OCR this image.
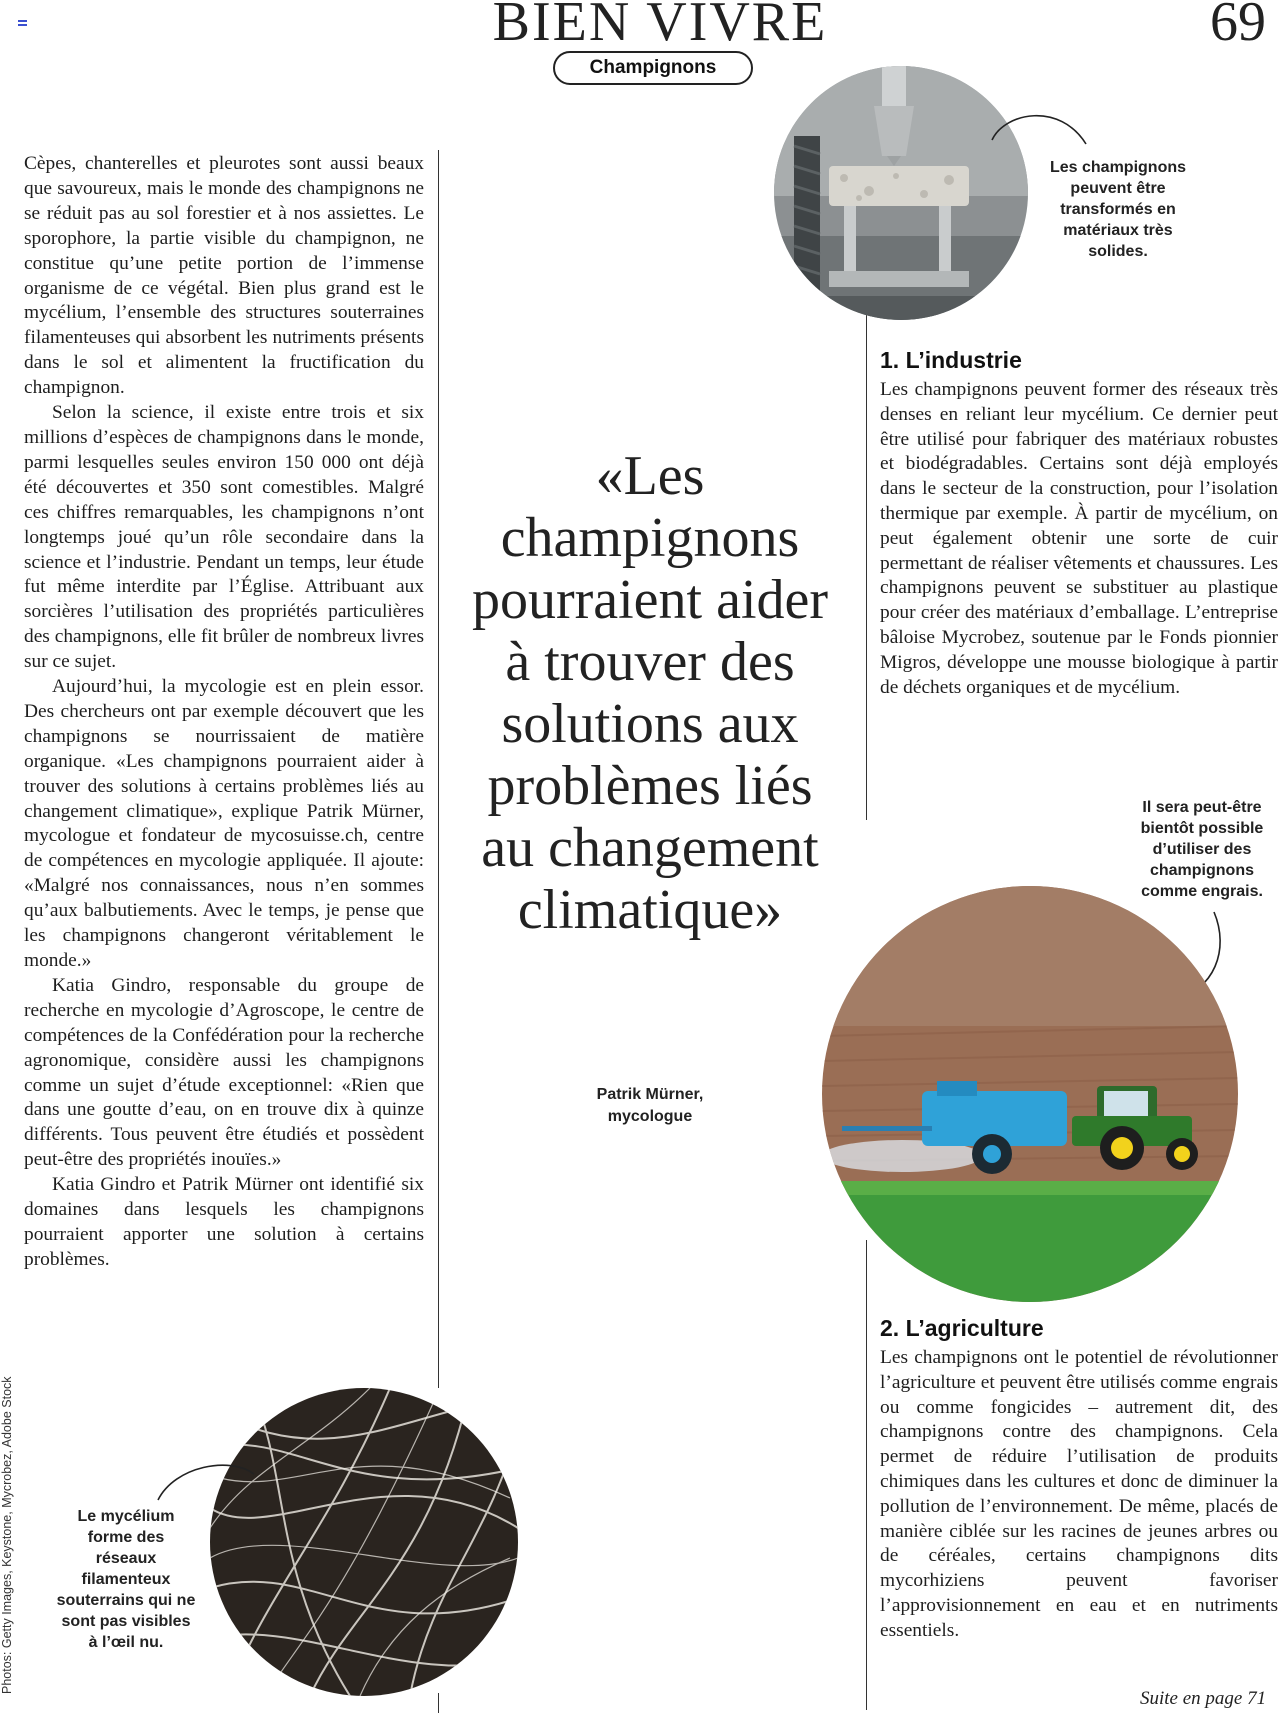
BIEN VIVRE	69
Champignons

Cèpes, chanterelles et pleurotes sont aussi beaux que savoureux, mais le monde des champignons ne se réduit pas au sol forestier et à nos assiettes. Le sporophore, la partie visible du champignon, ne constitue qu’une petite portion de l’immense organisme de ce végétal. Bien plus grand est le mycélium, l’ensemble des structures souterraines filamenteuses qui absorbent les nutriments présents dans le sol et alimentent la fructification du champignon.

Selon la science, il existe entre trois et six millions d’espèces de champignons dans le monde, parmi lesquelles seules environ 150 000 ont déjà été découvertes et 350 sont comestibles. Malgré ces chiffres remarquables, les champignons n’ont longtemps joué qu’un rôle secondaire dans la science et l’industrie. Pendant un temps, leur étude fut même interdite par l’Église. Attribuant aux sorcières l’utilisation des propriétés particulières des champignons, elle fit brûler de nombreux livres sur ce sujet.

Aujourd’hui, la mycologie est en plein essor. Des chercheurs ont par exemple découvert que les champignons se nourrissaient de matière organique. «Les champignons pourraient aider à trouver des solutions à certains problèmes liés au changement climatique», explique Patrik Mürner, mycologue et fondateur de mycosuisse.ch, centre de compétences en mycologie appliquée. Il ajoute: «Malgré nos connaissances, nous n’en sommes qu’aux balbutiements. Avec le temps, je pense que les champignons changeront véritablement le monde.»

Katia Gindro, responsable du groupe de recherche en mycologie d’Agroscope, le centre de compétences de la Confédération pour la recherche agronomique, considère aussi les champignons comme un sujet d’étude exceptionnel: «Rien que dans une goutte d’eau, on en trouve dix à quinze différents. Tous peuvent être étudiés et possèdent peut-être des propriétés inouïes.»

Katia Gindro et Patrik Mürner ont identifié six domaines dans lesquels les champignons pourraient apporter une solution à certains problèmes.

«Les champignons pourraient aider à trouver des solutions aux problèmes liés au changement climatique»
Patrik Mürner,
mycologue
Les champignons peuvent être transformés en matériaux très solides.
1. L’industrie

Les champignons peuvent former des réseaux très denses en reliant leur mycélium. Ce dernier peut être utilisé pour fabriquer des matériaux robustes et biodégradables. Certains sont déjà employés dans le secteur de la construction, pour l’isolation thermique par exemple. À partir de mycélium, on peut également obtenir une sorte de cuir permettant de réaliser vêtements et chaussures. Les champignons peuvent se substituer au plastique pour créer des matériaux d’emballage. L’entreprise bâloise Mycrobez, soutenue par le Fonds pionnier Migros, développe une mousse biologique à partir de déchets organiques et de mycélium.

Il sera peut-être bientôt possible d’utiliser des champignons comme engrais.
2. L’agriculture

Les champignons ont le potentiel de révolutionner l’agriculture et peuvent être utilisés comme engrais ou comme fongicides – autrement dit, des champignons contre des champignons. Cela permet de réduire l’utilisation de produits chimiques dans les cultures et donc de diminuer la pollution de l’environnement. De même, placés de manière ciblée sur les racines de jeunes arbres ou de céréales, certains champignons dits mycorhiziens peuvent favoriser l’approvisionnement en eau et en nutriments essentiels.

Le mycélium forme des réseaux filamenteux souterrains qui ne sont pas visibles à l’œil nu.
Photos: Getty Images, Keystone, Mycrobez, Adobe Stock
Suite en page 71
